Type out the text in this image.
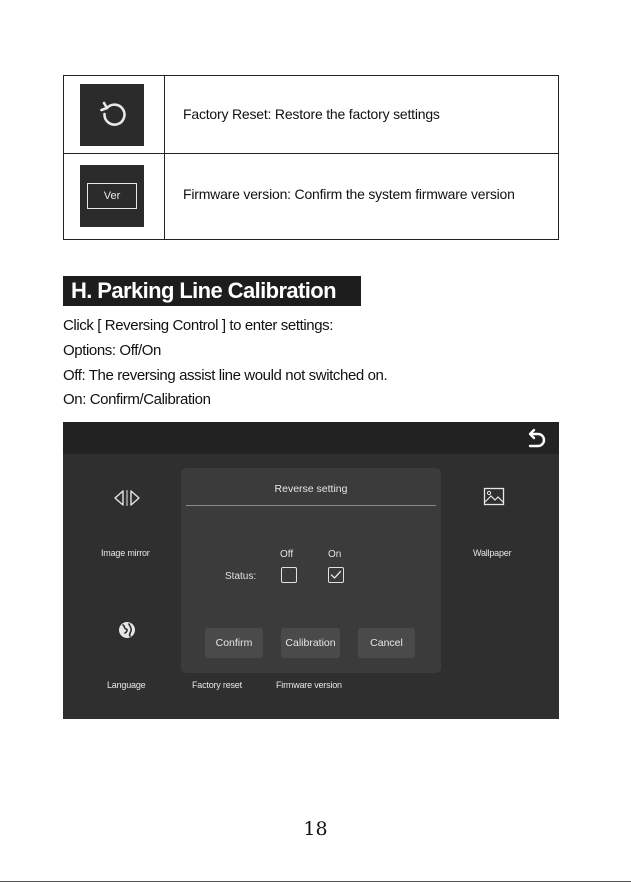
Factory Reset: Restore the factory settings
Ver	Firmware version: Confirm the system firmware version
H. Parking Line Calibration
Click [ Reversing Control ] to enter settings:
Options: Off/On
Off: The reversing assist line would not switched on.
On: Confirm/Calibration
Image mirror
Language
Wallpaper
Factory reset	Firmware version
Reverse setting
Off	On
Status:
Confirm	Calibration	Cancel
18
